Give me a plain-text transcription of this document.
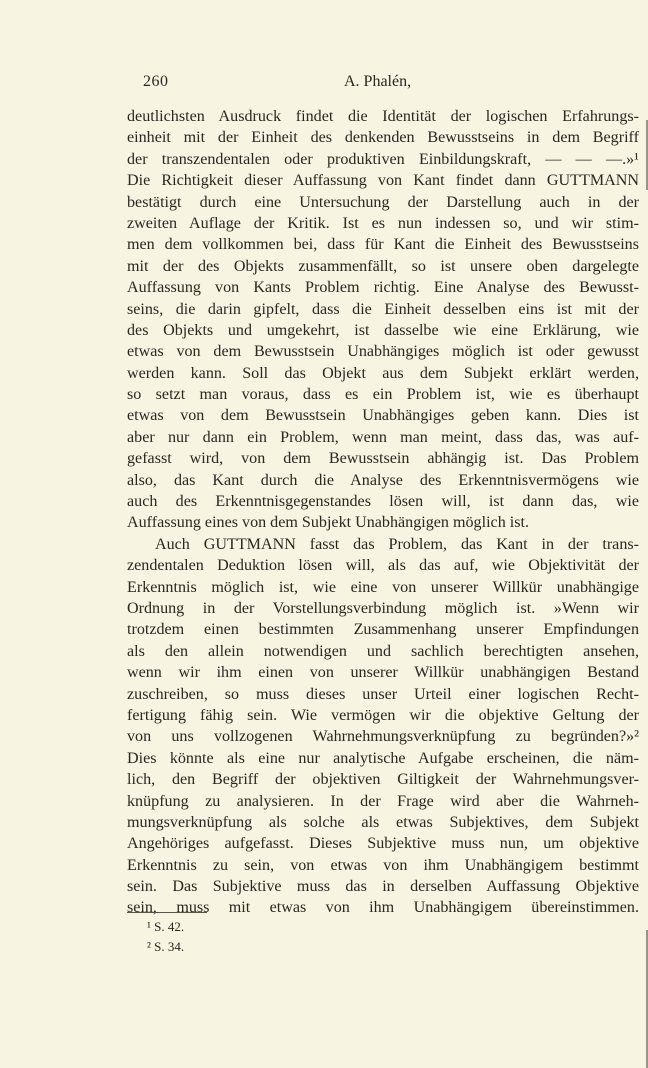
260	A. Phalén,
deutlichsten Ausdruck findet die Identität der logischen Erfahrungs-
einheit mit der Einheit des denkenden Bewusstseins in dem Begriff
der transzendentalen oder produktiven Einbildungskraft, — — —.»¹
Die Richtigkeit dieser Auffassung von Kant findet dann GUTTMANN
bestätigt durch eine Untersuchung der Darstellung auch in der
zweiten Auflage der Kritik. Ist es nun indessen so, und wir stim-
men dem vollkommen bei, dass für Kant die Einheit des Bewusstseins
mit der des Objekts zusammenfällt, so ist unsere oben dargelegte
Auffassung von Kants Problem richtig. Eine Analyse des Bewusst-
seins, die darin gipfelt, dass die Einheit desselben eins ist mit der
des Objekts und umgekehrt, ist dasselbe wie eine Erklärung, wie
etwas von dem Bewusstsein Unabhängiges möglich ist oder gewusst
werden kann. Soll das Objekt aus dem Subjekt erklärt werden,
so setzt man voraus, dass es ein Problem ist, wie es überhaupt
etwas von dem Bewusstsein Unabhängiges geben kann. Dies ist
aber nur dann ein Problem, wenn man meint, dass das, was auf-
gefasst wird, von dem Bewusstsein abhängig ist. Das Problem
also, das Kant durch die Analyse des Erkenntnisvermögens wie
auch des Erkenntnisgegenstandes lösen will, ist dann das, wie
Auffassung eines von dem Subjekt Unabhängigen möglich ist.
Auch GUTTMANN fasst das Problem, das Kant in der trans-
zendentalen Deduktion lösen will, als das auf, wie Objektivität der
Erkenntnis möglich ist, wie eine von unserer Willkür unabhängige
Ordnung in der Vorstellungsverbindung möglich ist. »Wenn wir
trotzdem einen bestimmten Zusammenhang unserer Empfindungen
als den allein notwendigen und sachlich berechtigten ansehen,
wenn wir ihm einen von unserer Willkür unabhängigen Bestand
zuschreiben, so muss dieses unser Urteil einer logischen Recht-
fertigung fähig sein. Wie vermögen wir die objektive Geltung der
von uns vollzogenen Wahrnehmungsverknüpfung zu begründen?»²
Dies könnte als eine nur analytische Aufgabe erscheinen, die näm-
lich, den Begriff der objektiven Giltigkeit der Wahrnehmungsver-
knüpfung zu analysieren. In der Frage wird aber die Wahrneh-
mungsverknüpfung als solche als etwas Subjektives, dem Subjekt
Angehöriges aufgefasst. Dieses Subjektive muss nun, um objektive
Erkenntnis zu sein, von etwas von ihm Unabhängigem bestimmt
sein. Das Subjektive muss das in derselben Auffassung Objektive
sein, muss mit etwas von ihm Unabhängigem übereinstimmen.
¹ S. 42.
² S. 34.
